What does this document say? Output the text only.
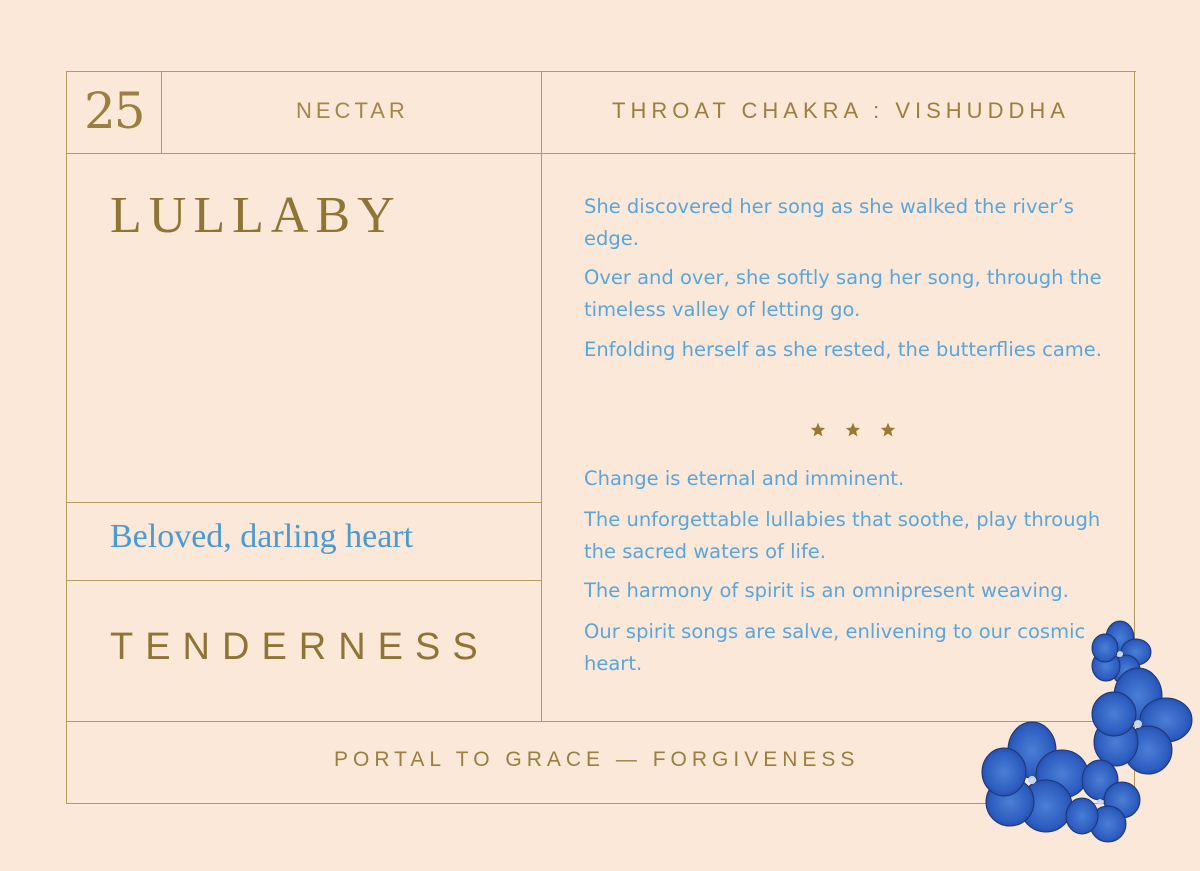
25	NECTAR	THROAT CHAKRA : VISHUDDHA
LULLABY
Beloved, darling heart
TENDERNESS
She discovered her song as she walked the river’s edge.
Over and over, she softly sang her song, through the timeless valley of letting go.
Enfolding herself as she rested, the butterflies came.
Change is eternal and imminent.
The unforgettable lullabies that soothe, play through the sacred waters of life.
The harmony of spirit is an omnipresent weaving.
Our spirit songs are salve, enlivening to our cosmic heart.
PORTAL TO GRACE — FORGIVENESS
